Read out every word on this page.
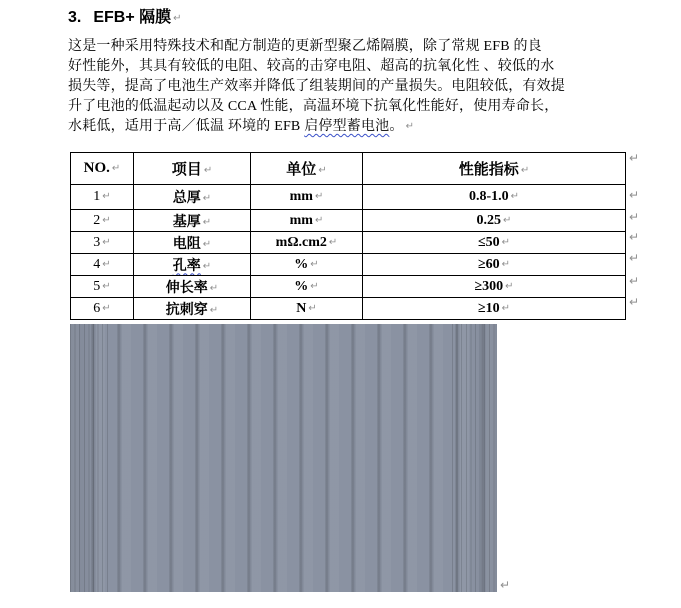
3. EFB+ 隔膜 ↵
这是一种采用特殊技术和配方制造的更新型聚乙烯隔膜，除了常规 EFB 的良
好性能外，其具有较低的电阻、较高的击穿电阻、超高的抗氧化性 、较低的水
损失等，提高了电池生产效率并降低了组装期间的产量损失。电阻较低，有效提
升了电池的低温起动以及 CCA 性能，高温环境下抗氧化性能好，使用寿命长，
水耗低，适用于高／低温 环境的 EFB 启停型蓄电池。 ↵
NO. ↵	项目 ↵	单位 ↵	性能指标 ↵
1 ↵	总厚 ↵	mm ↵	0.8-1.0 ↵
2 ↵	基厚 ↵	mm ↵	0.25 ↵
3 ↵	电阻 ↵	mΩ.cm2 ↵	≤50 ↵
4 ↵	孔率 ↵	% ↵	≥60 ↵
5 ↵	伸长率 ↵	% ↵	≥300 ↵
6 ↵	抗刺穿 ↵	N ↵	≥10 ↵
↵
↵
↵
↵
↵
↵
↵
↵
